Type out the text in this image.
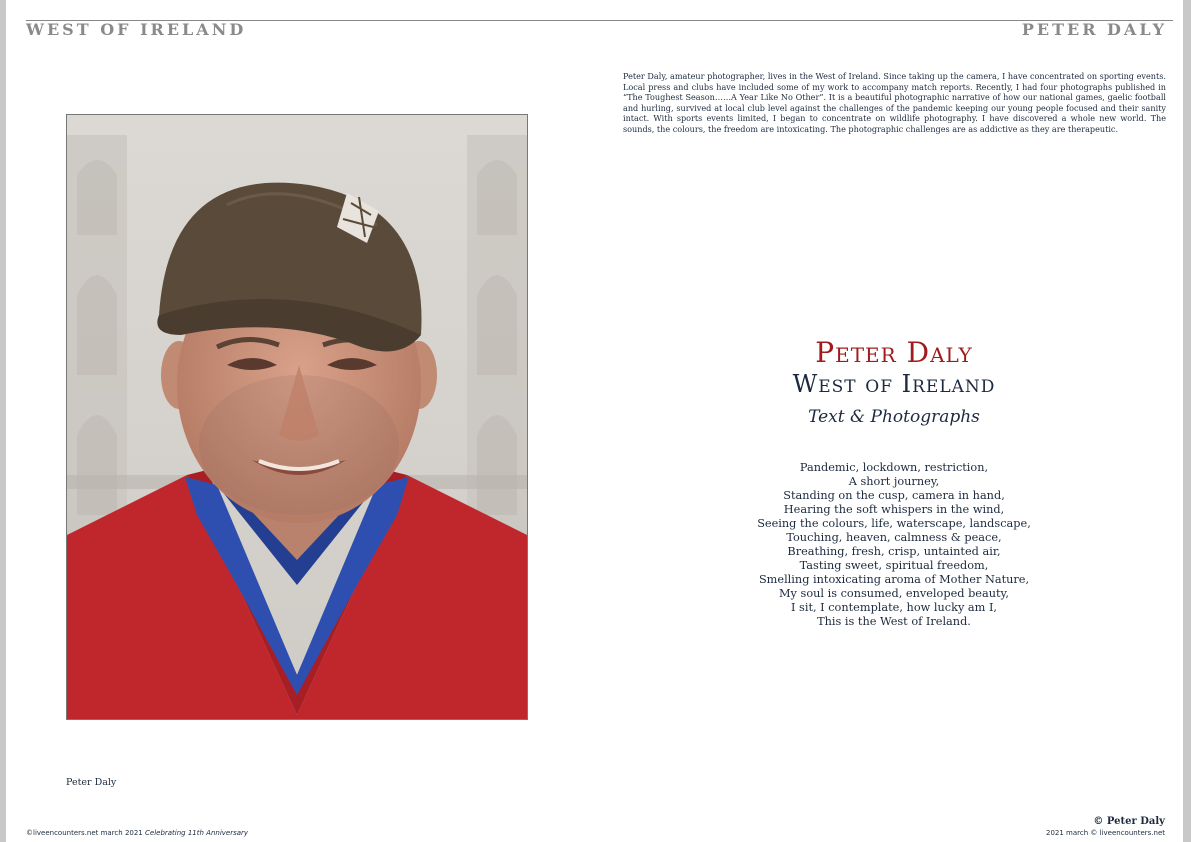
WEST OF IRELAND	PETER DALY
Peter Daly, amateur photographer, lives in the West of Ireland. Since taking up the camera, I have concentrated on sporting events. Local press and clubs have included some of my work to accompany match reports. Recently, I had four photographs published in “The Toughest Season……A Year Like No Other”. It is a beautiful photographic narrative of how our national games, gaelic football and hurling, survived at local club level against the challenges of the pandemic keeping our young people focused and their sanity intact. With sports events limited, I began to concentrate on wildlife photography. I have discovered a whole new world. The sounds, the colours, the freedom are intoxicating. The photographic challenges are as addictive as they are therapeutic.
Peter Daly
Peter Daly
West of Ireland
Text & Photographs
Pandemic, lockdown, restriction,
A short journey,
Standing on the cusp, camera in hand,
Hearing the soft whispers in the wind,
Seeing the colours, life, waterscape, landscape,
Touching, heaven, calmness & peace,
Breathing, fresh, crisp, untainted air,
Tasting sweet, spiritual freedom,
Smelling intoxicating aroma of Mother Nature,
My soul is consumed, enveloped beauty,
I sit, I contemplate, how lucky am I,
This is the West of Ireland.
©liveencounters.net march 2021 Celebrating 11th Anniversary
© Peter Daly
2021 march © liveencounters.net
